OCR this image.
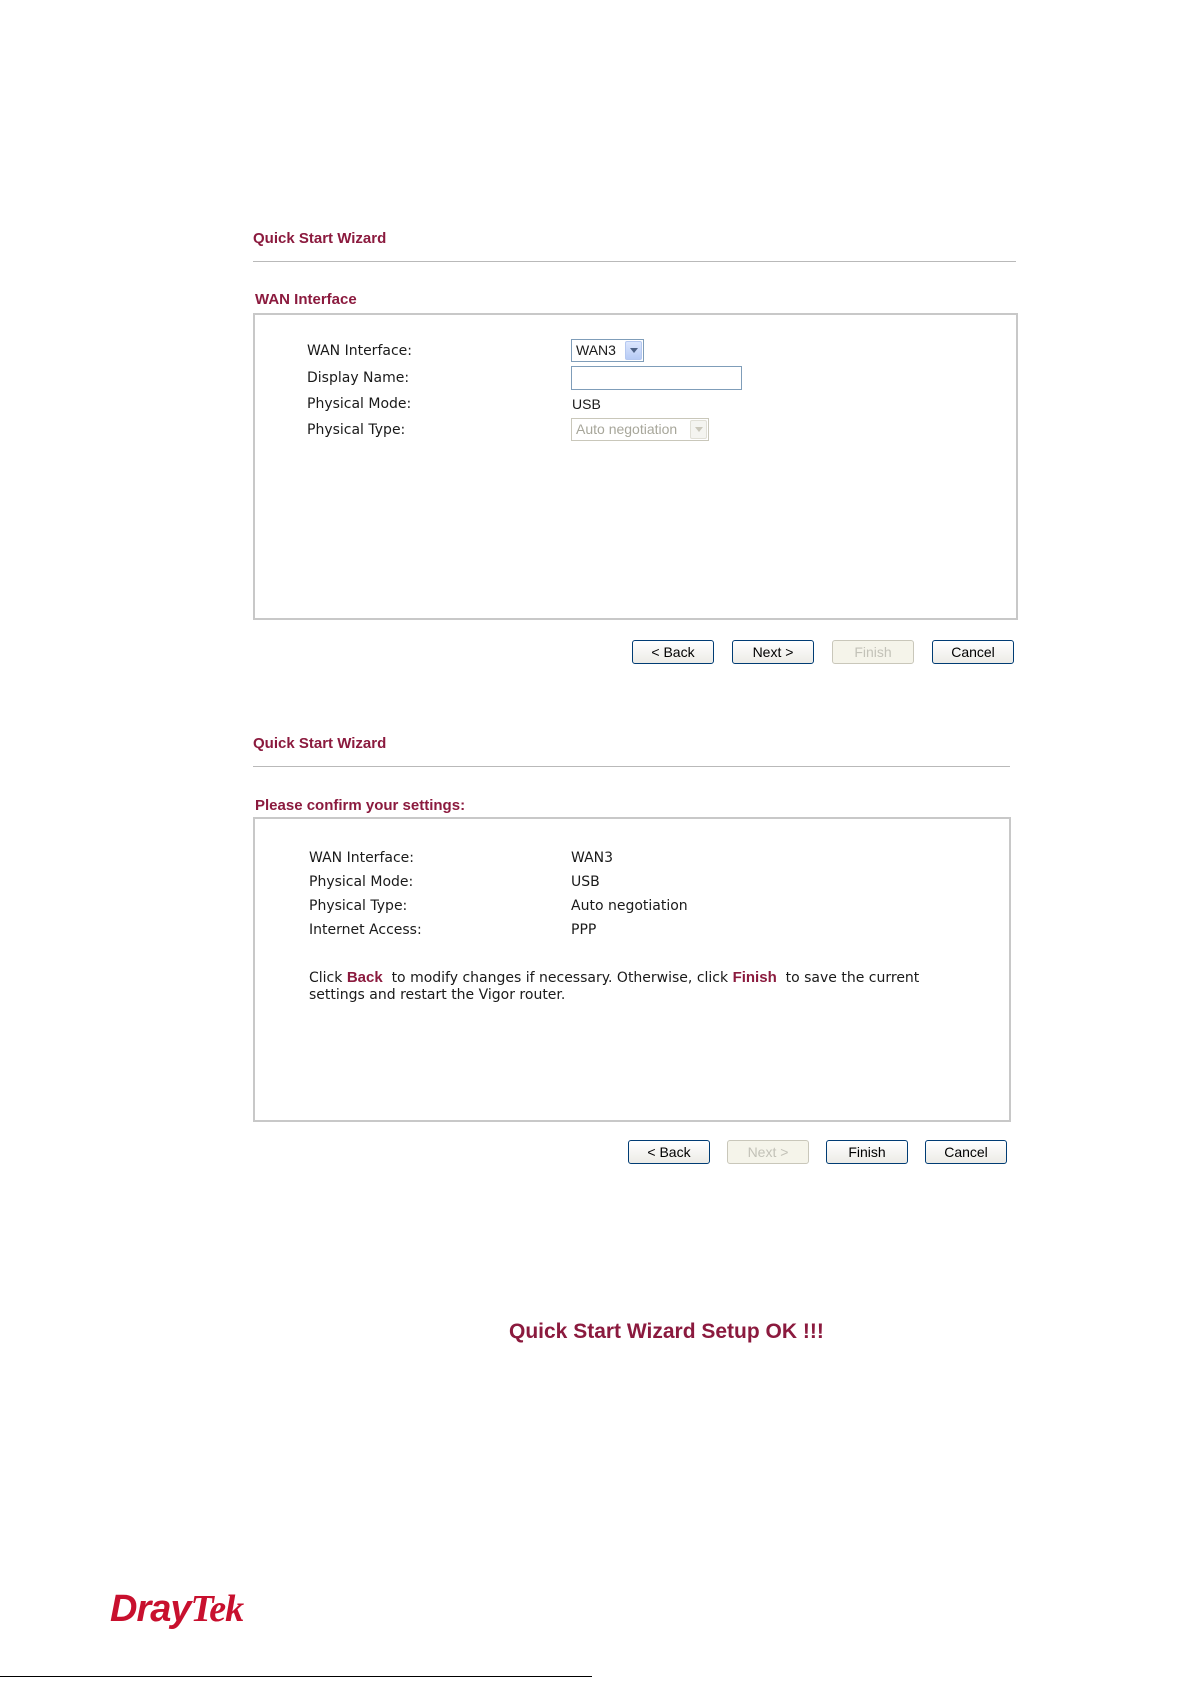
Quick Start Wizard
WAN Interface
WAN Interface:	WAN3
Display Name:
Physical Mode:	USB
Physical Type:	Auto negotiation
< Back	Next >	Finish	Cancel
Quick Start Wizard
Please confirm your settings:
WAN Interface:	WAN3
Physical Mode:	USB
Physical Type:	Auto negotiation
Internet Access:	PPP
Click Back  to modify changes if necessary. Otherwise, click Finish  to save the current settings and restart the Vigor router.
< Back	Next >	Finish	Cancel
Quick Start Wizard Setup OK !!!
DrayTek
